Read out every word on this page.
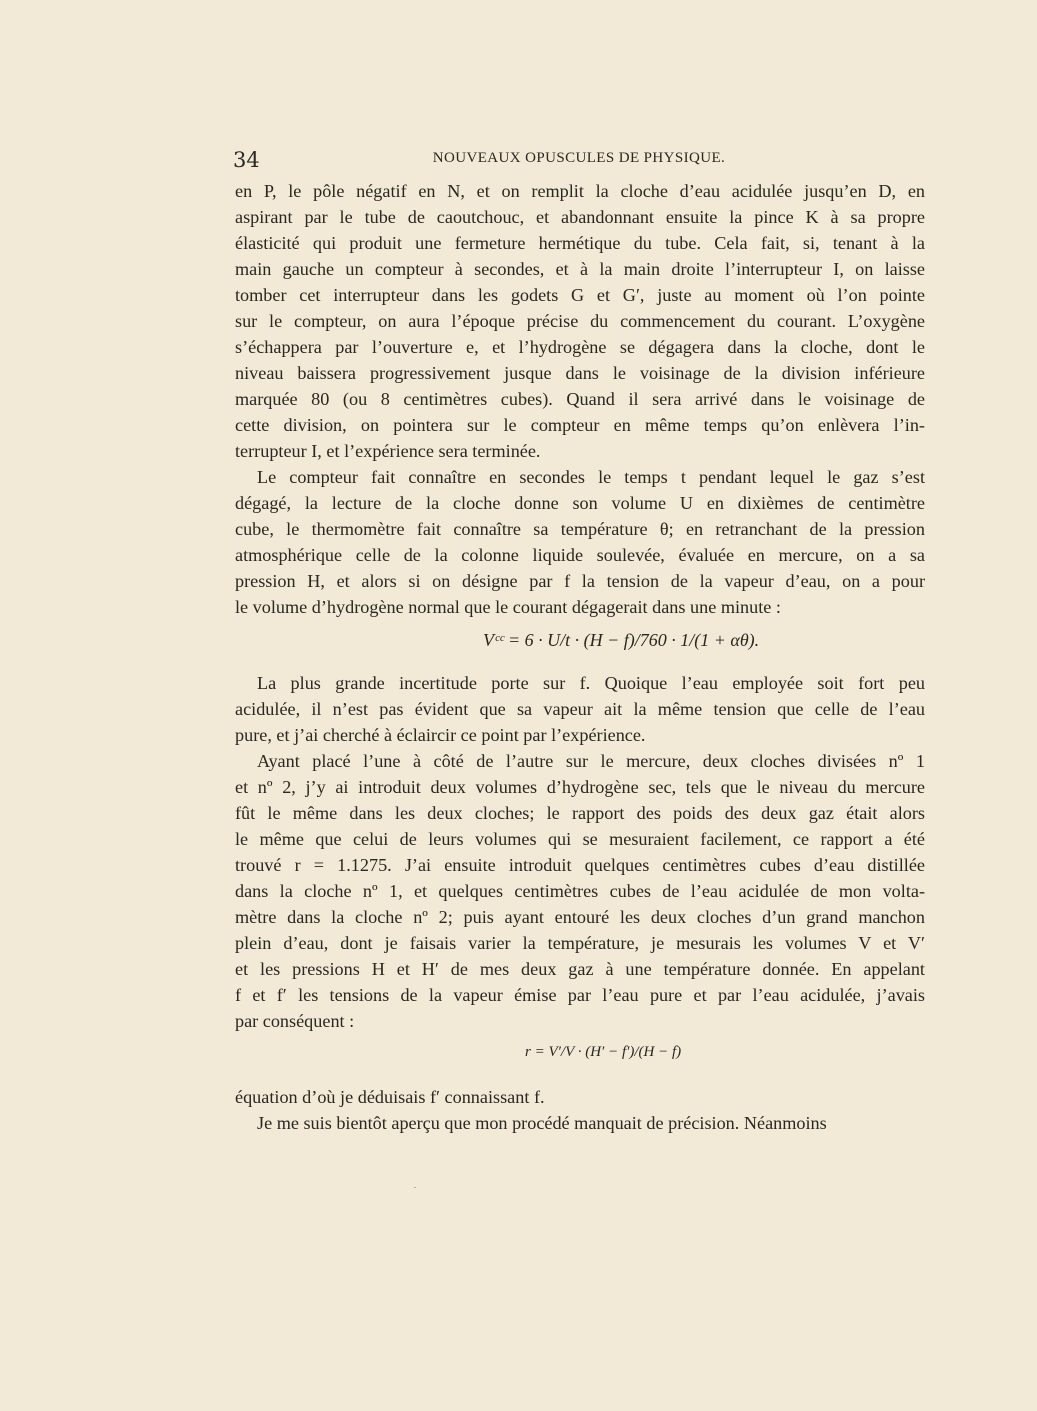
34	NOUVEAUX OPUSCULES DE PHYSIQUE.
en P, le pôle négatif en N, et on remplit la cloche d’eau acidulée jusqu’en D, en
aspirant par le tube de caoutchouc, et abandonnant ensuite la pince K à sa propre
élasticité qui produit une fermeture hermétique du tube. Cela fait, si, tenant à la
main gauche un compteur à secondes, et à la main droite l’interrupteur I, on laisse
tomber cet interrupteur dans les godets G et G′, juste au moment où l’on pointe
sur le compteur, on aura l’époque précise du commencement du courant. L’oxygène
s’échappera par l’ouverture e, et l’hydrogène se dégagera dans la cloche, dont le
niveau baissera progressivement jusque dans le voisinage de la division inférieure
marquée 80 (ou 8 centimètres cubes). Quand il sera arrivé dans le voisinage de
cette division, on pointera sur le compteur en même temps qu’on enlèvera l’in-
terrupteur I, et l’expérience sera terminée.
Le compteur fait connaître en secondes le temps t pendant lequel le gaz s’est
dégagé, la lecture de la cloche donne son volume U en dixièmes de centimètre
cube, le thermomètre fait connaître sa température θ; en retranchant de la pression
atmosphérique celle de la colonne liquide soulevée, évaluée en mercure, on a sa
pression H, et alors si on désigne par f la tension de la vapeur d’eau, on a pour
le volume d’hydrogène normal que le courant dégagerait dans une minute :
Vᶜᶜ = 6 · U/t · (H − f)/760 · 1/(1 + αθ).
La plus grande incertitude porte sur f. Quoique l’eau employée soit fort peu
acidulée, il n’est pas évident que sa vapeur ait la même tension que celle de l’eau
pure, et j’ai cherché à éclaircir ce point par l’expérience.
Ayant placé l’une à côté de l’autre sur le mercure, deux cloches divisées nº 1
et nº 2, j’y ai introduit deux volumes d’hydrogène sec, tels que le niveau du mercure
fût le même dans les deux cloches; le rapport des poids des deux gaz était alors
le même que celui de leurs volumes qui se mesuraient facilement, ce rapport a été
trouvé r = 1.1275. J’ai ensuite introduit quelques centimètres cubes d’eau distillée
dans la cloche nº 1, et quelques centimètres cubes de l’eau acidulée de mon volta-
mètre dans la cloche nº 2; puis ayant entouré les deux cloches d’un grand manchon
plein d’eau, dont je faisais varier la température, je mesurais les volumes V et V′
et les pressions H et H′ de mes deux gaz à une température donnée. En appelant
f et f′ les tensions de la vapeur émise par l’eau pure et par l’eau acidulée, j’avais
par conséquent :
r = V′/V · (H′ − f′)/(H − f)
équation d’où je déduisais f′ connaissant f.
Je me suis bientôt aperçu que mon procédé manquait de précision. Néanmoins
